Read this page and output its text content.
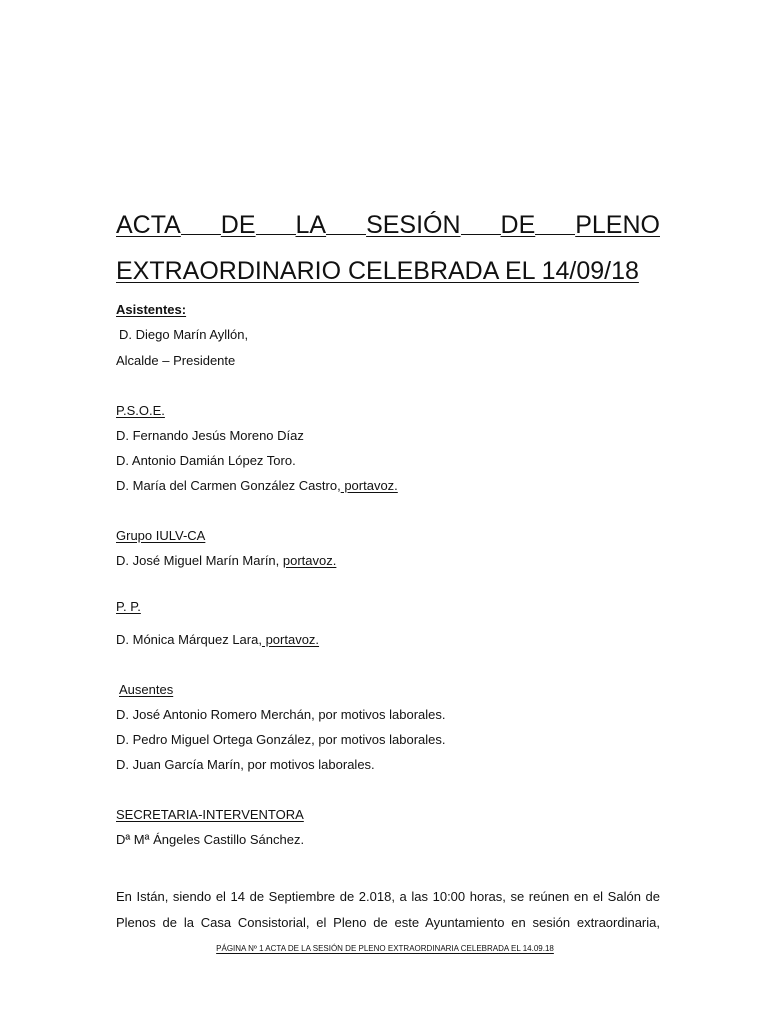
ACTA DE LA SESIÓN DE PLENO
EXTRAORDINARIO CELEBRADA EL 14/09/18
Asistentes:
D. Diego Marín Ayllón,
Alcalde – Presidente
P.S.O.E.
D. Fernando Jesús Moreno Díaz
D. Antonio Damián López Toro.
D. María del Carmen González Castro, portavoz.
Grupo IULV-CA
D. José Miguel Marín Marín, portavoz.
P. P.
D. Mónica Márquez Lara, portavoz.
Ausentes
D. José Antonio Romero Merchán, por motivos laborales.
D. Pedro Miguel Ortega González, por motivos laborales.
D. Juan García Marín, por motivos laborales.
SECRETARIA-INTERVENTORA
Dª Mª Ángeles Castillo Sánchez.
En Istán, siendo el 14 de Septiembre de 2.018, a las 10:00 horas, se reúnen en el Salón de
Plenos de la Casa Consistorial, el Pleno de este Ayuntamiento en sesión extraordinaria,
PÁGINA Nº 1 ACTA DE LA SESIÓN DE PLENO EXTRAORDINARIA CELEBRADA EL 14.09.18
